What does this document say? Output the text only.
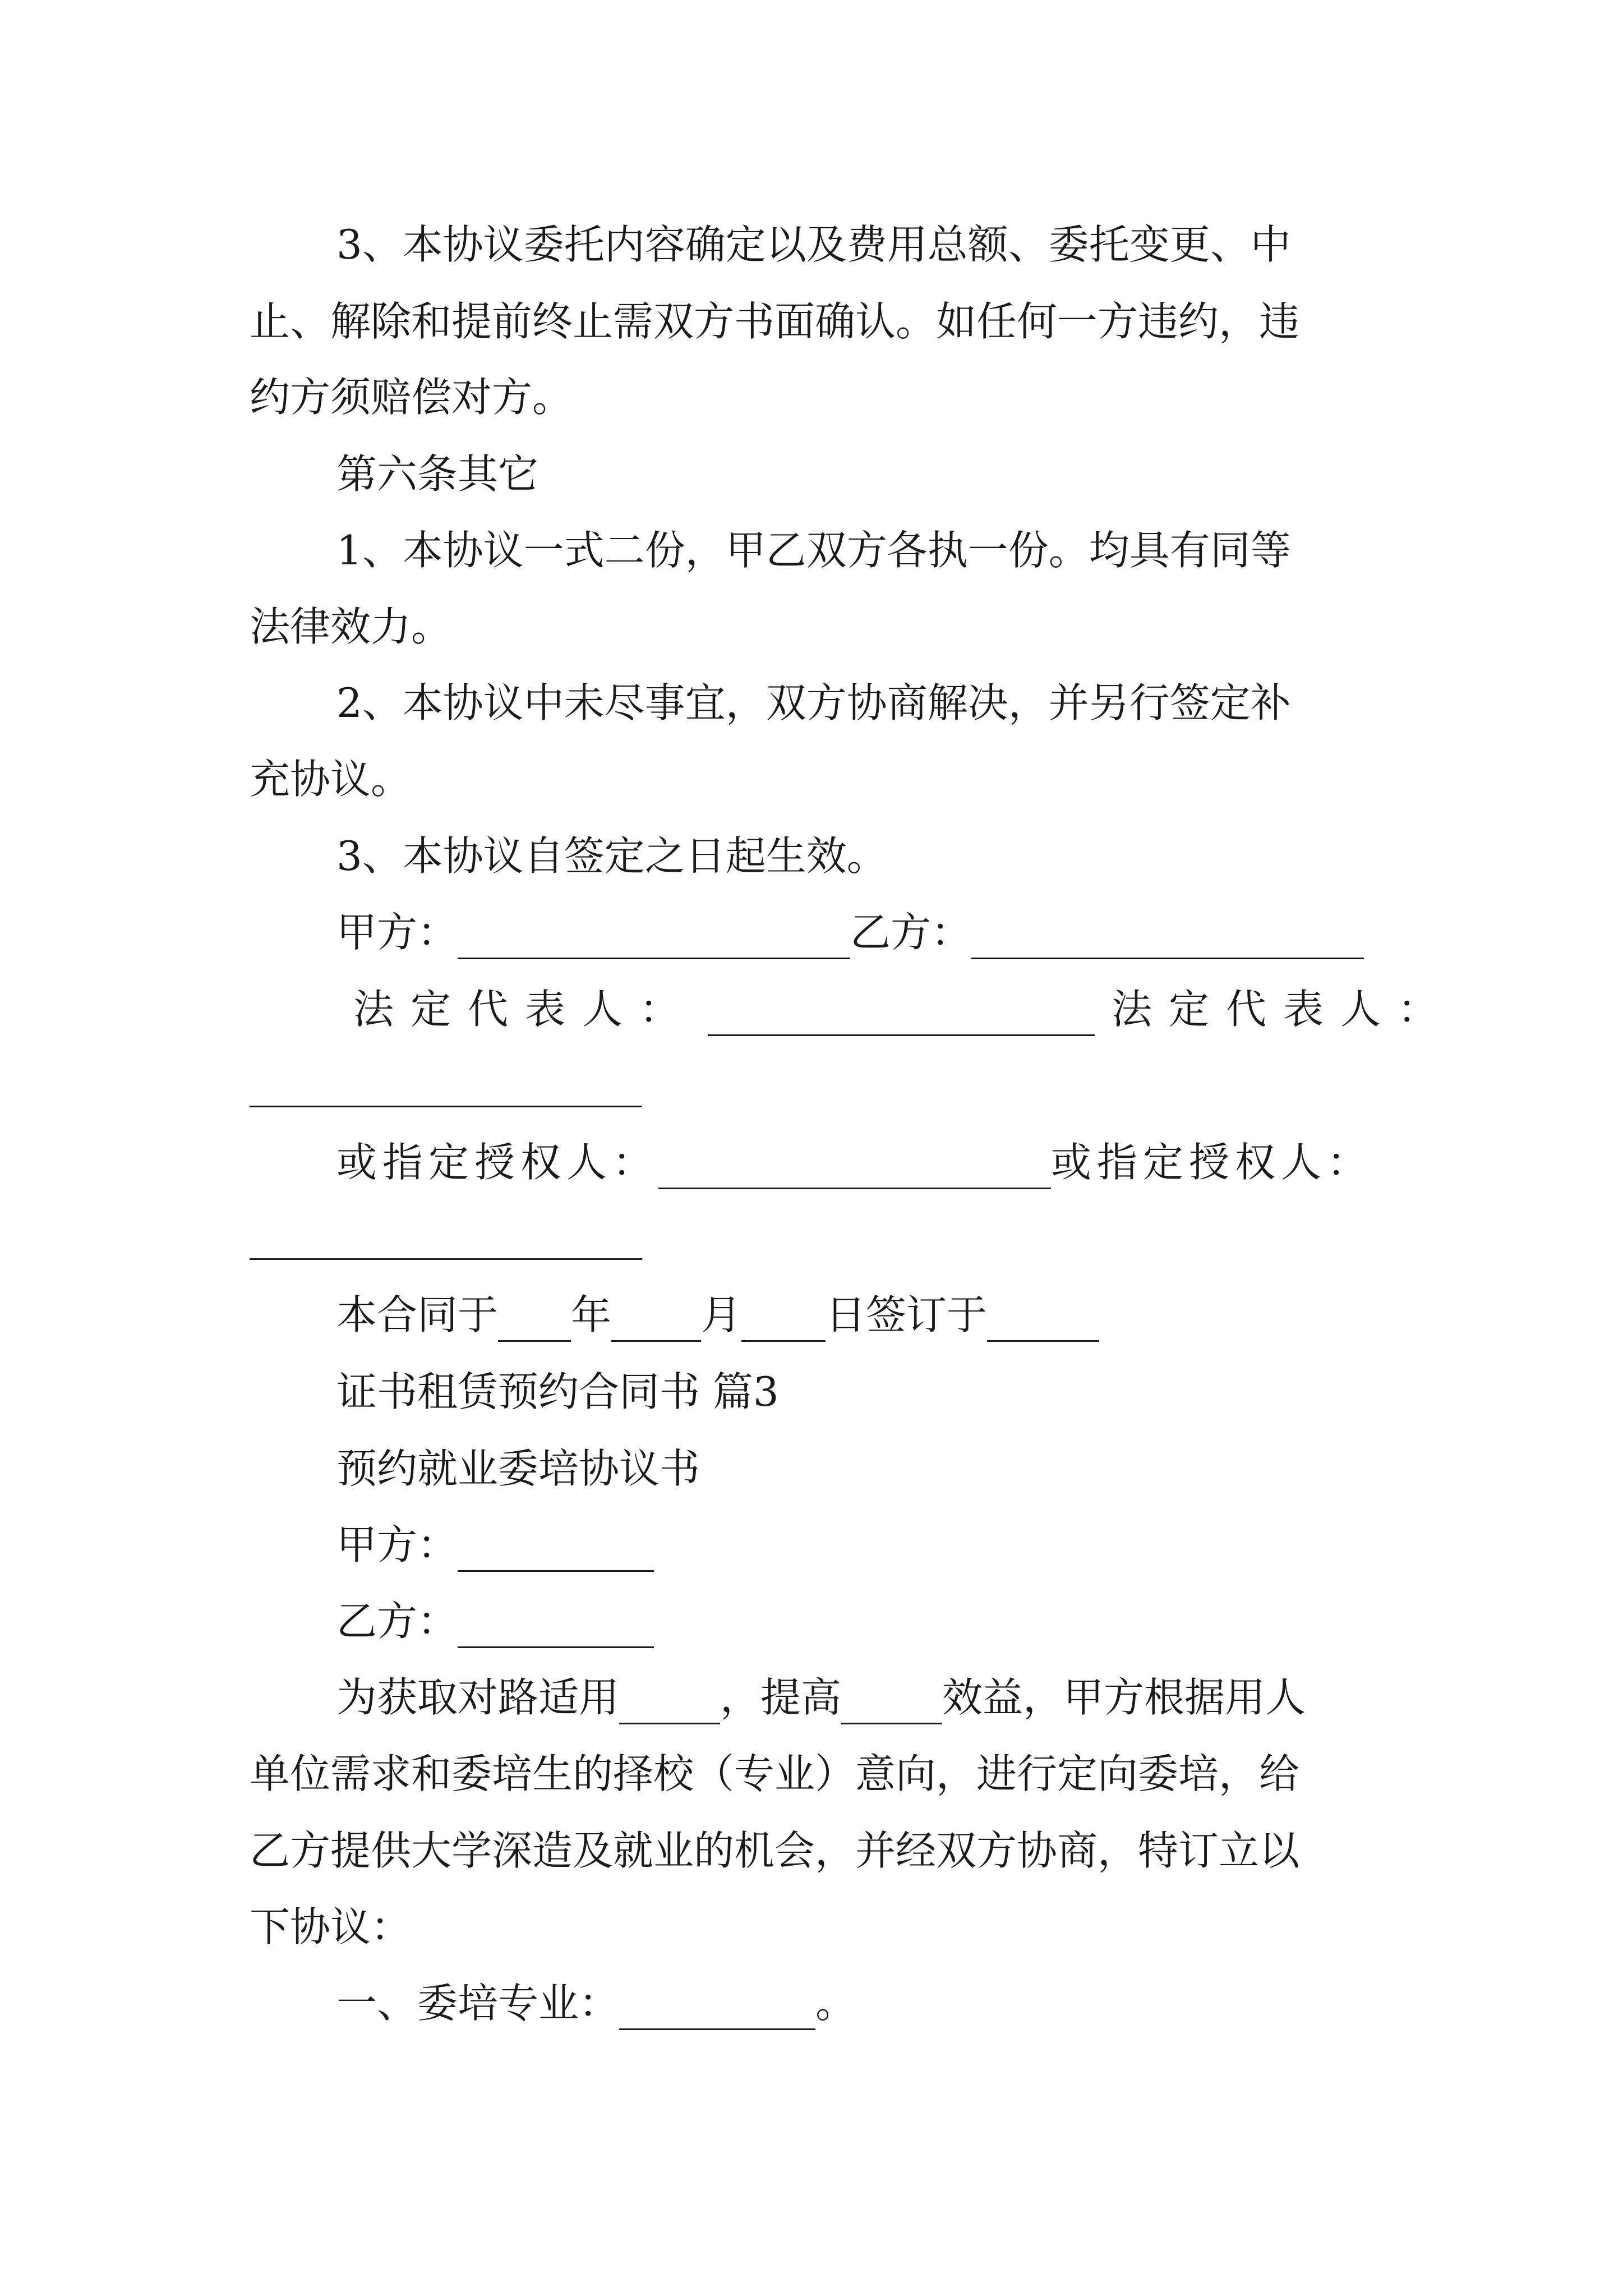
3、本协议委托内容确定以及费用总额、委托变更、中
止、解除和提前终止需双方书面确认。如任何一方违约，违
约方须赔偿对方。
第六条其它
1、本协议一式二份，甲乙双方各执一份。均具有同等
法律效力。
2、本协议中未尽事宜，双方协商解决，并另行签定补
充协议。
3、本协议自签定之日起生效。
甲方：	乙方：
法定代表人：	法定代表人：
或指定授权人：	或指定授权人：
本合同于 年 月 日签订于
证书租赁预约合同书 篇3
预约就业委培协议书
甲方：
乙方：
为获取对路适用	，提高	效益，甲方根据用人
单位需求和委培生的择校（专业）意向，进行定向委培，给
乙方提供大学深造及就业的机会，并经双方协商，特订立以
下协议：
一、委培专业：	。
